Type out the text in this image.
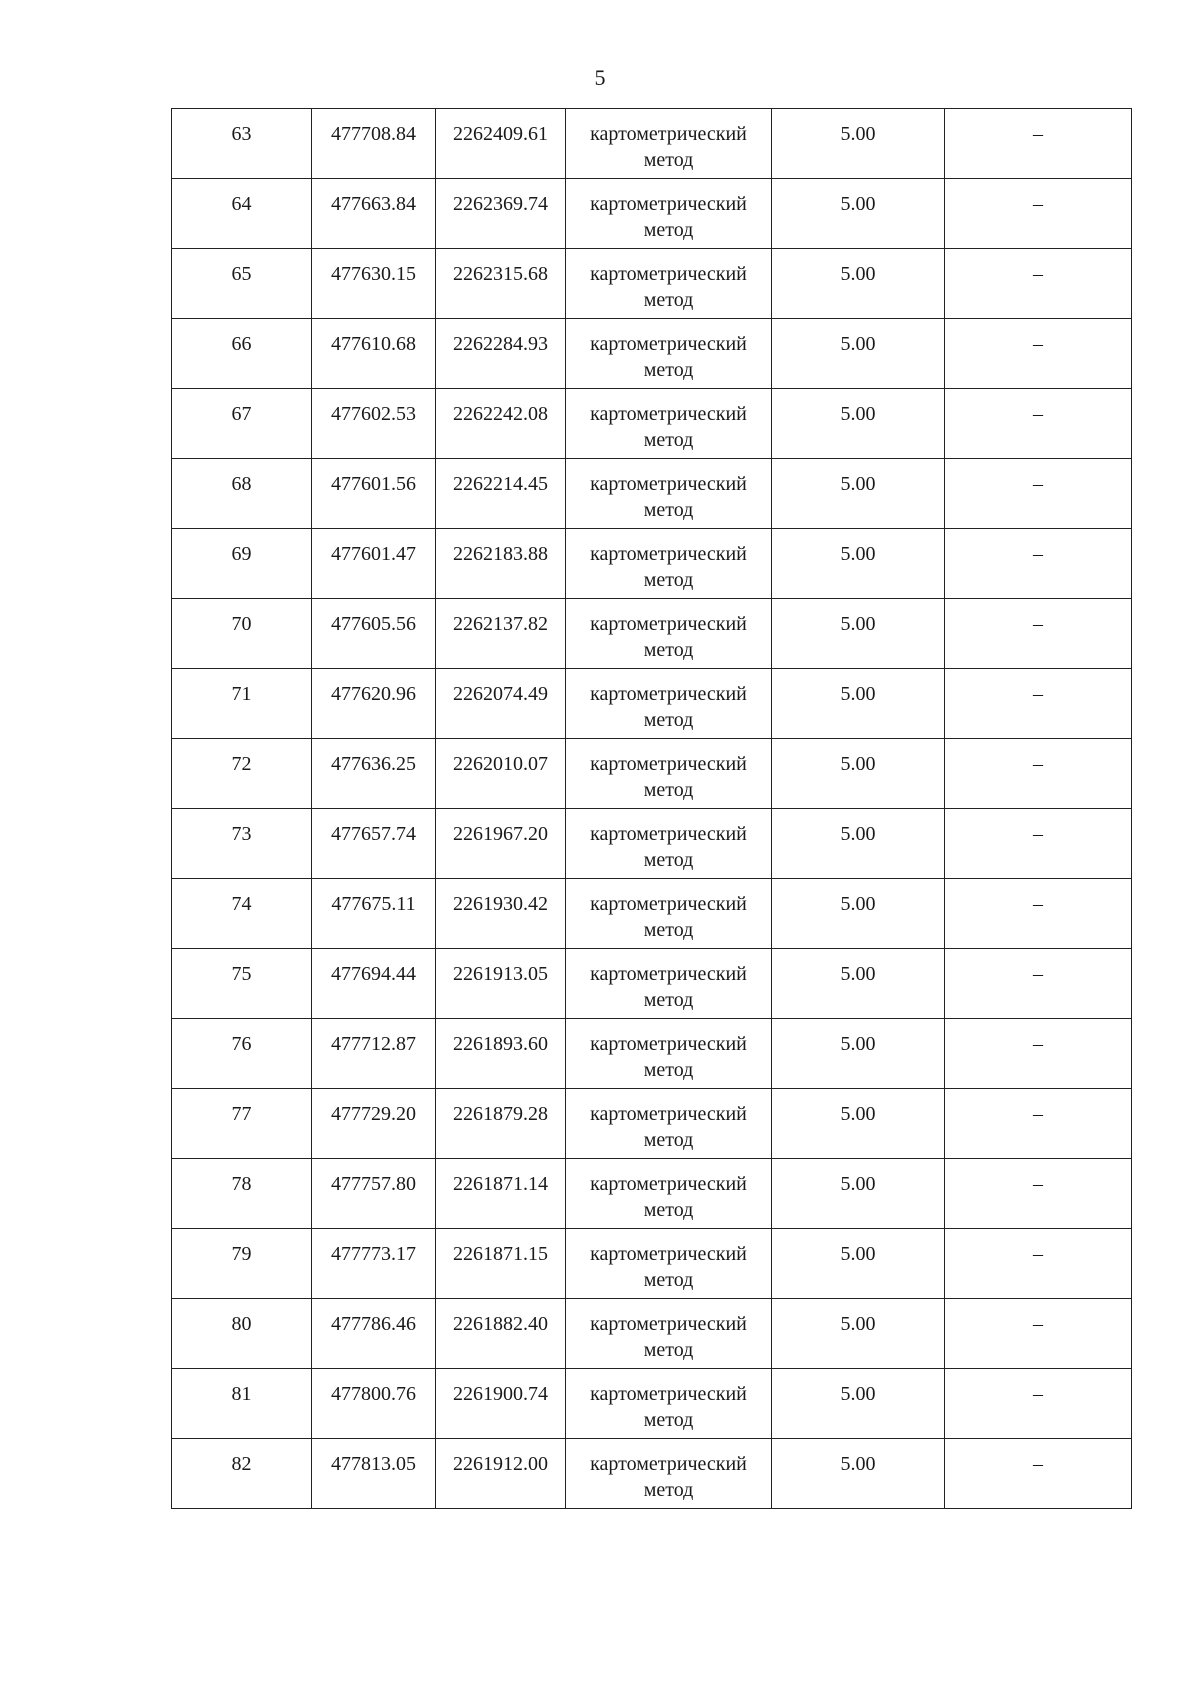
5
63	477708.84	2262409.61	картометрический
метод	5.00	–

64	477663.84	2262369.74	картометрический
метод	5.00	–

65	477630.15	2262315.68	картометрический
метод	5.00	–

66	477610.68	2262284.93	картометрический
метод	5.00	–

67	477602.53	2262242.08	картометрический
метод	5.00	–

68	477601.56	2262214.45	картометрический
метод	5.00	–

69	477601.47	2262183.88	картометрический
метод	5.00	–

70	477605.56	2262137.82	картометрический
метод	5.00	–

71	477620.96	2262074.49	картометрический
метод	5.00	–

72	477636.25	2262010.07	картометрический
метод	5.00	–

73	477657.74	2261967.20	картометрический
метод	5.00	–

74	477675.11	2261930.42	картометрический
метод	5.00	–

75	477694.44	2261913.05	картометрический
метод	5.00	–

76	477712.87	2261893.60	картометрический
метод	5.00	–

77	477729.20	2261879.28	картометрический
метод	5.00	–

78	477757.80	2261871.14	картометрический
метод	5.00	–

79	477773.17	2261871.15	картометрический
метод	5.00	–

80	477786.46	2261882.40	картометрический
метод	5.00	–

81	477800.76	2261900.74	картометрический
метод	5.00	–

82	477813.05	2261912.00	картометрический
метод	5.00	–
